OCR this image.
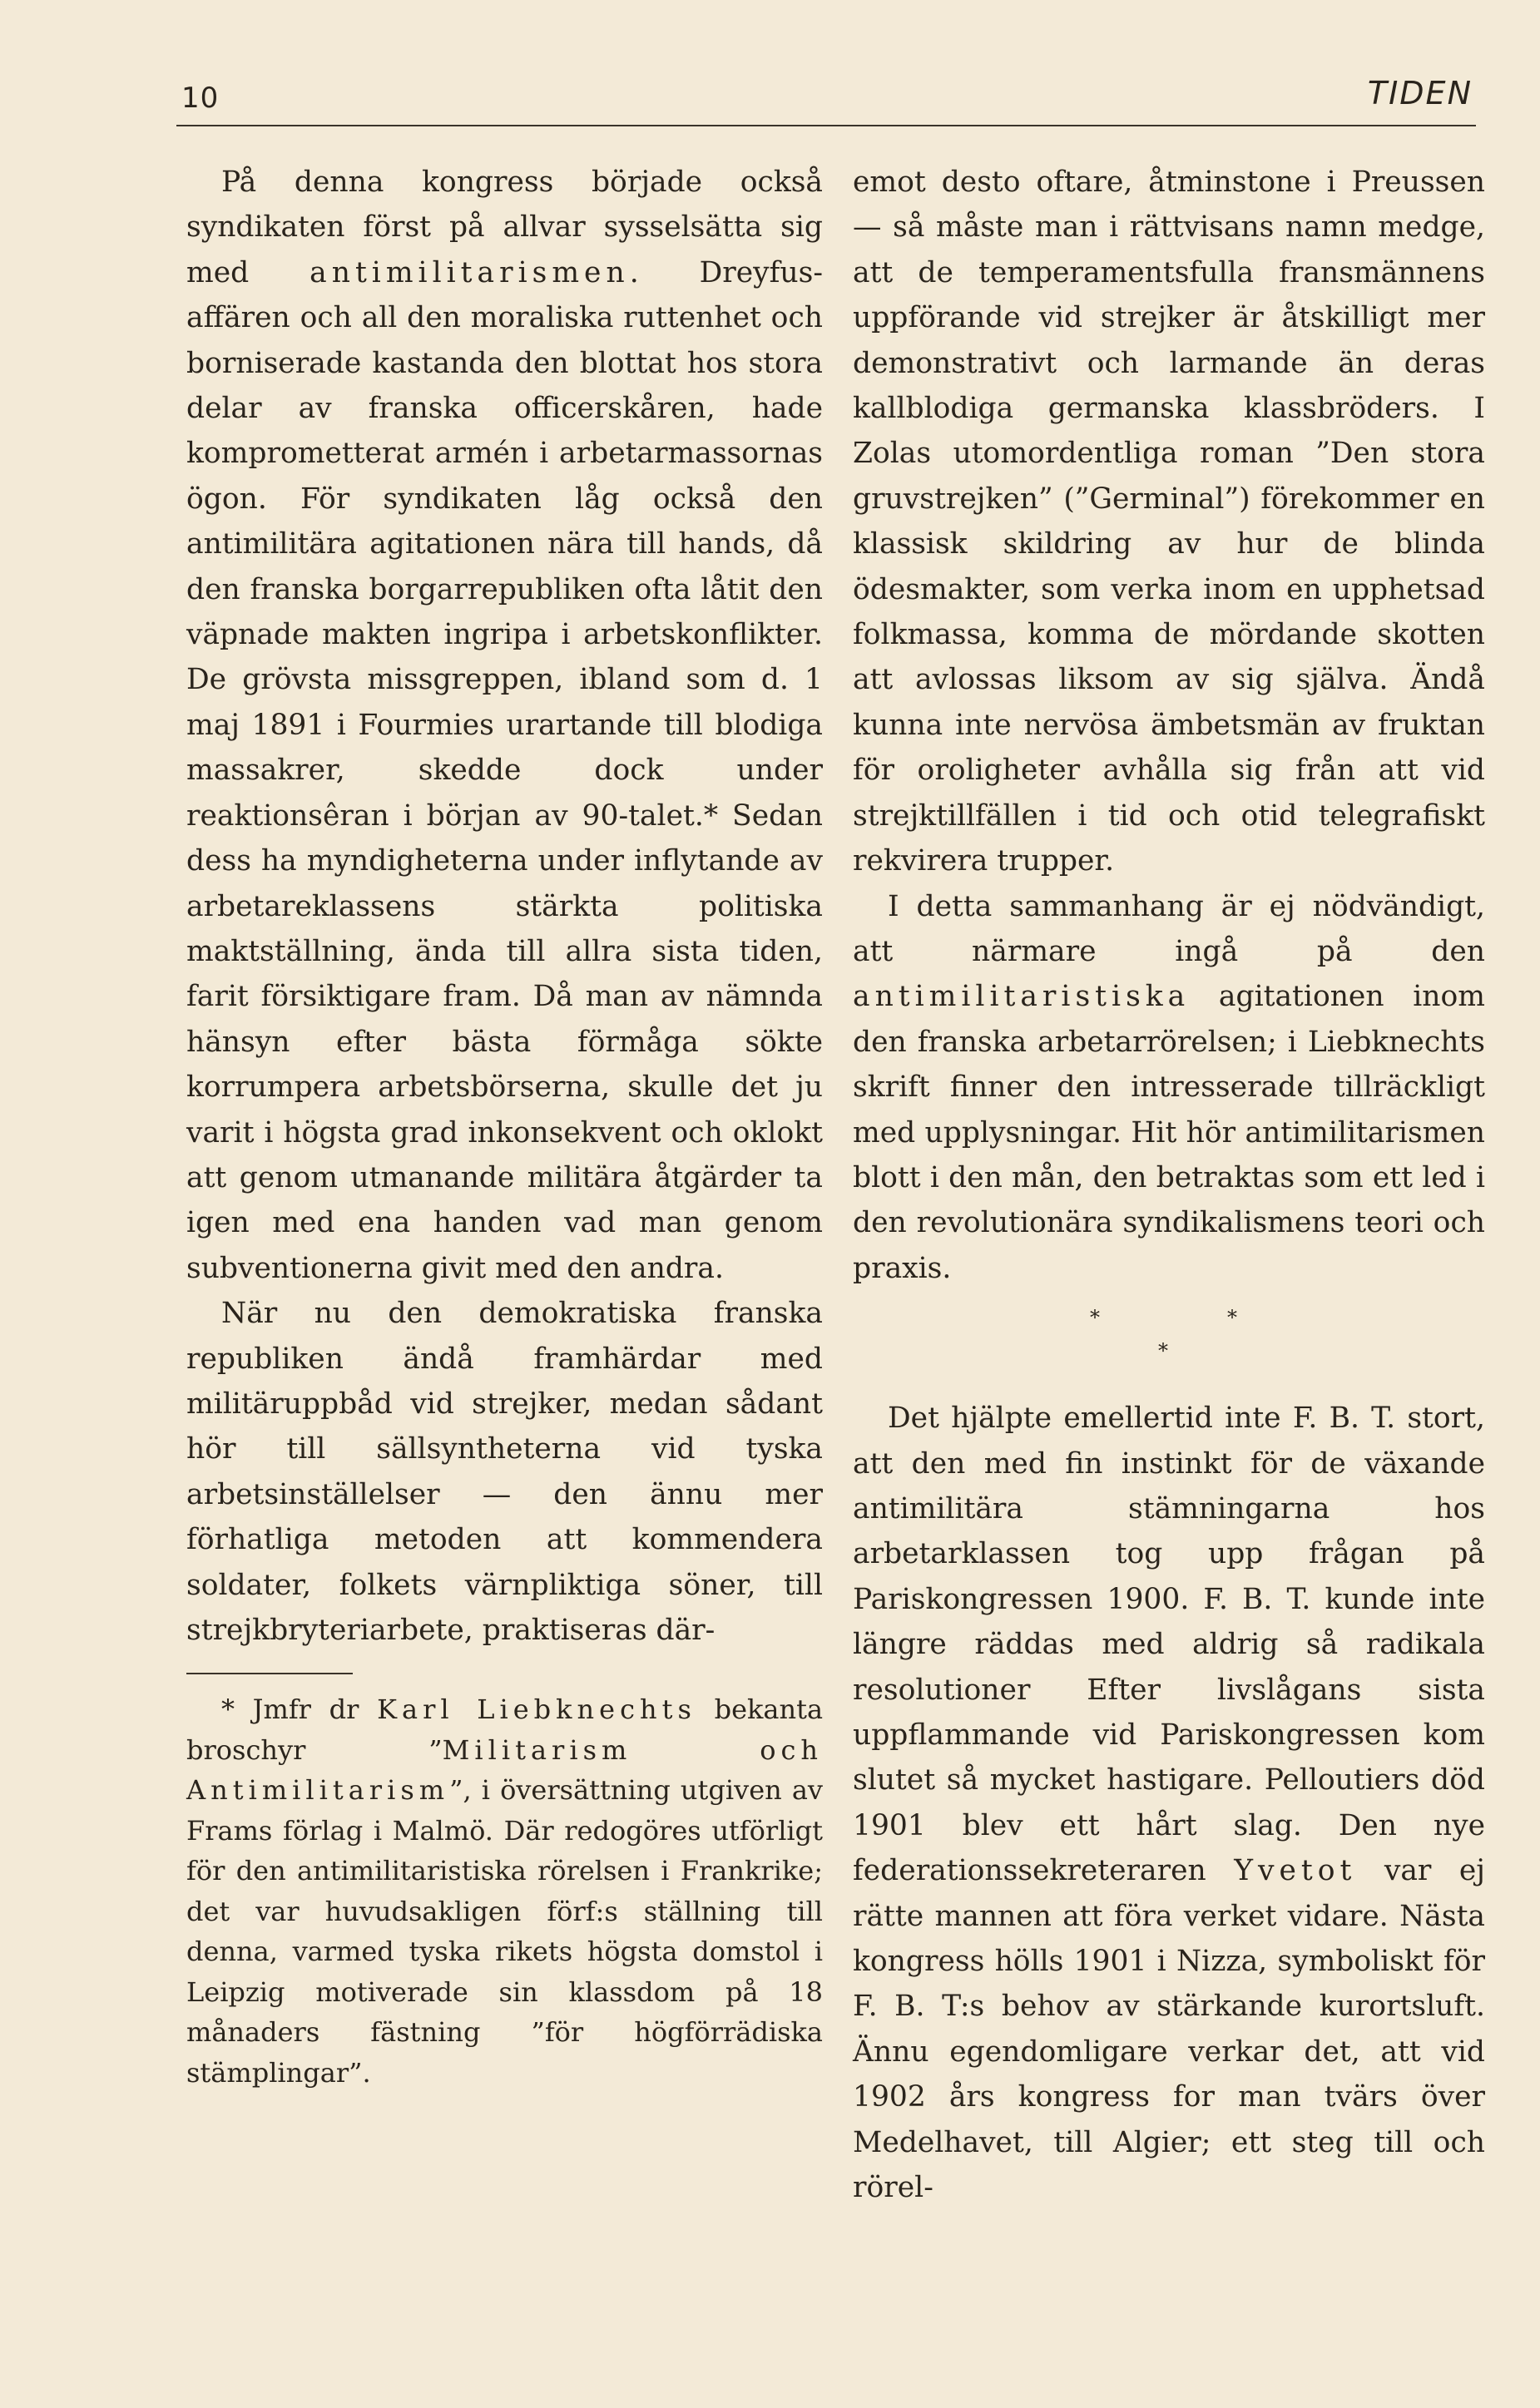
10	TIDEN

På denna kongress började också syndikaten först på allvar sysselsätta sig med antimilitarismen. Dreyfus-affären och all den moraliska ruttenhet och borniserade kastanda den blottat hos stora delar av franska officerskåren, hade komprometterat armén i arbetarmassornas ögon. För syndikaten låg också den antimilitära agitationen nära till hands, då den franska borgarrepubliken ofta låtit den väpnade makten ingripa i arbetskonflikter. De grövsta missgreppen, ibland som d. 1 maj 1891 i Fourmies urartande till blodiga massakrer, skedde dock under reaktionsêran i början av 90-talet.* Sedan dess ha myndigheterna under inflytande av arbetareklassens stärkta politiska maktställning, ända till allra sista tiden, farit försiktigare fram. Då man av nämnda hänsyn efter bästa förmåga sökte korrumpera arbetsbörserna, skulle det ju varit i högsta grad inkonsekvent och oklokt att genom utmanande militära åtgärder ta igen med ena handen vad man genom subventionerna givit med den andra.

När nu den demokratiska franska republiken ändå framhärdar med militäruppbåd vid strejker, medan sådant hör till sällsyntheterna vid tyska arbetsinställelser — den ännu mer förhatliga metoden att kommendera soldater, folkets värnpliktiga söner, till strejkbryteriarbete, praktiseras där-

* Jmfr dr Karl Liebknechts bekanta broschyr ”Militarism och Antimilitarism”, i översättning utgiven av Frams förlag i Malmö. Där redogöres utförligt för den antimilitaristiska rörelsen i Frankrike; det var huvudsakligen förf:s ställning till denna, varmed tyska rikets högsta domstol i Leipzig motiverade sin klassdom på 18 månaders fästning ”för högförrädiska stämplingar”.

emot desto oftare, åtminstone i Preussen — så måste man i rättvisans namn medge, att de temperamentsfulla fransmännens uppförande vid strejker är åtskilligt mer demonstrativt och larmande än deras kallblodiga germanska klassbröders. I Zolas utomordentliga roman ”Den stora gruvstrejken” (”Germinal”) förekommer en klassisk skildring av hur de blinda ödesmakter, som verka inom en upphetsad folkmassa, komma de mördande skotten att avlossas liksom av sig själva. Ändå kunna inte nervösa ämbetsmän av fruktan för oroligheter avhålla sig från att vid strejktillfällen i tid och otid telegrafiskt rekvirera trupper.

I detta sammanhang är ej nödvändigt, att närmare ingå på den antimilitaristiska agitationen inom den franska arbetarrörelsen; i Liebknechts skrift finner den intresserade tillräckligt med upplysningar. Hit hör antimilitarismen blott i den mån, den betraktas som ett led i den revolutionära syndikalismens teori och praxis.

*	*
*

Det hjälpte emellertid inte F. B. T. stort, att den med fin instinkt för de växande antimilitära stämningarna hos arbetarklassen tog upp frågan på Pariskongressen 1900. F. B. T. kunde inte längre räddas med aldrig så radikala resolutioner Efter livslågans sista uppflammande vid Pariskongressen kom slutet så mycket hastigare. Pelloutiers död 1901 blev ett hårt slag. Den nye federationssekreteraren Yvetot var ej rätte mannen att föra verket vidare. Nästa kongress hölls 1901 i Nizza, symboliskt för F. B. T:s behov av stärkande kurortsluft. Ännu egendomligare verkar det, att vid 1902 års kongress for man tvärs över Medelhavet, till Algier; ett steg till och rörel-
